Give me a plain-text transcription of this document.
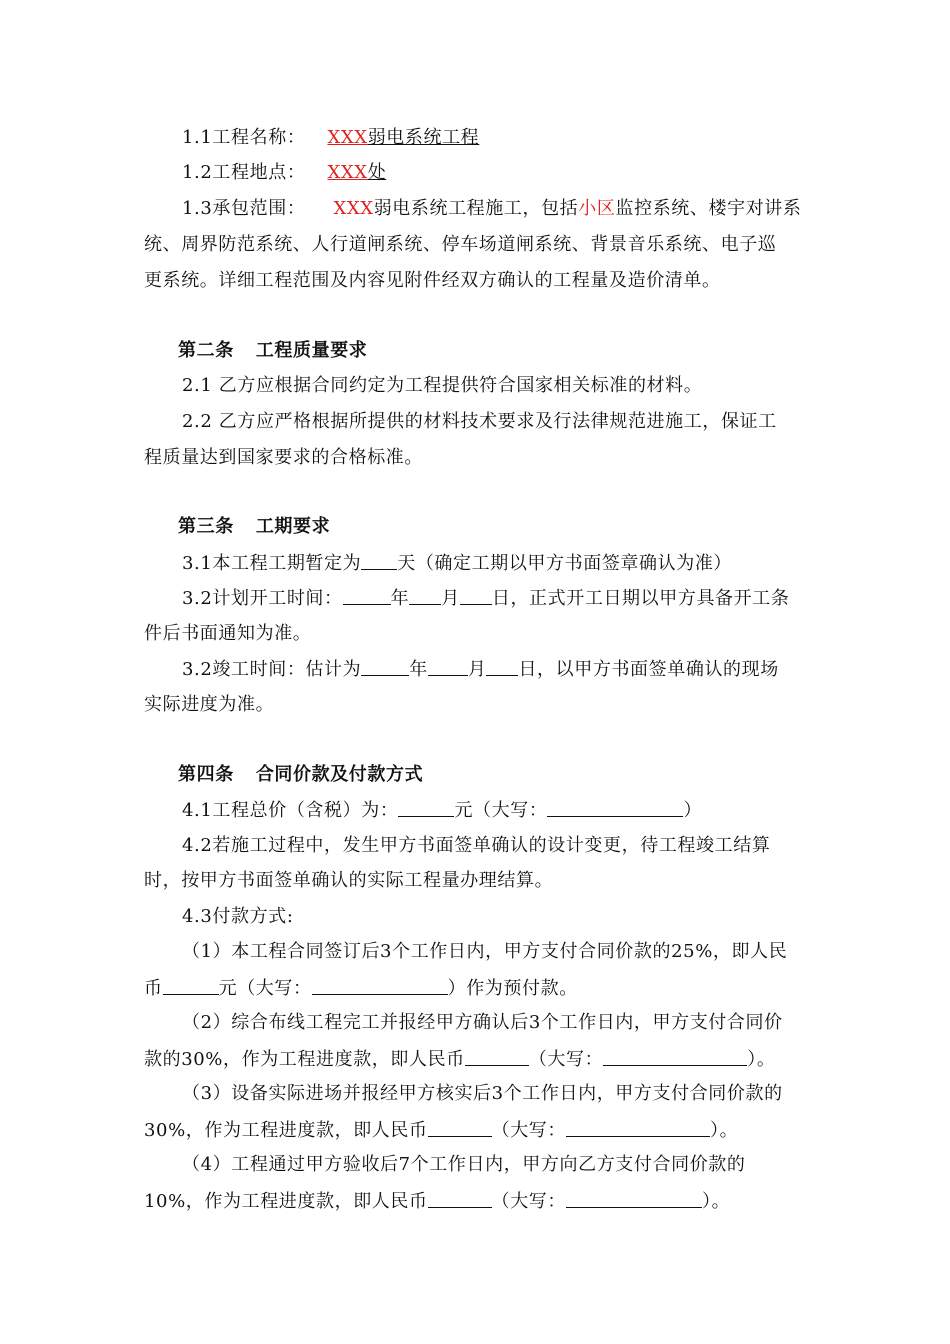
1.1工程名称： XXX弱电系统工程
1.2工程地点： XXX处
1.3承包范围： XXX弱电系统工程施工，包括小区监控系统、楼宇对讲系
统、周界防范系统、人行道闸系统、停车场道闸系统、背景音乐系统、电子巡
更系统。详细工程范围及内容见附件经双方确认的工程量及造价清单。
第二条 工程质量要求
2.1 乙方应根据合同约定为工程提供符合国家相关标准的材料。
2.2 乙方应严格根据所提供的材料技术要求及行法律规范进施工，保证工
程质量达到国家要求的合格标准。
第三条 工期要求
3.1本工程工期暂定为 天（确定工期以甲方书面签章确认为准）
3.2计划开工时间：	年 月 日，正式开工日期以甲方具备开工条
件后书面通知为准。
3.2竣工时间：估计为	年 月 日，以甲方书面签单确认的现场
实际进度为准。
第四条 合同价款及付款方式
4.1工程总价（含税）为：	元（大写：	）
4.2若施工过程中，发生甲方书面签单确认的设计变更，待工程竣工结算
时，按甲方书面签单确认的实际工程量办理结算。
4.3付款方式:
（1）本工程合同签订后3个工作日内，甲方支付合同价款的25%，即人民
币	元（大写：	）作为预付款。
（2）综合布线工程完工并报经甲方确认后3个工作日内，甲方支付合同价
款的30%，作为工程进度款，即人民币	（大写：	）。
（3）设备实际进场并报经甲方核实后3个工作日内，甲方支付合同价款的
30%，作为工程进度款，即人民币	（大写：	）。
（4）工程通过甲方验收后7个工作日内，甲方向乙方支付合同价款的
10%，作为工程进度款，即人民币	（大写：	）。
